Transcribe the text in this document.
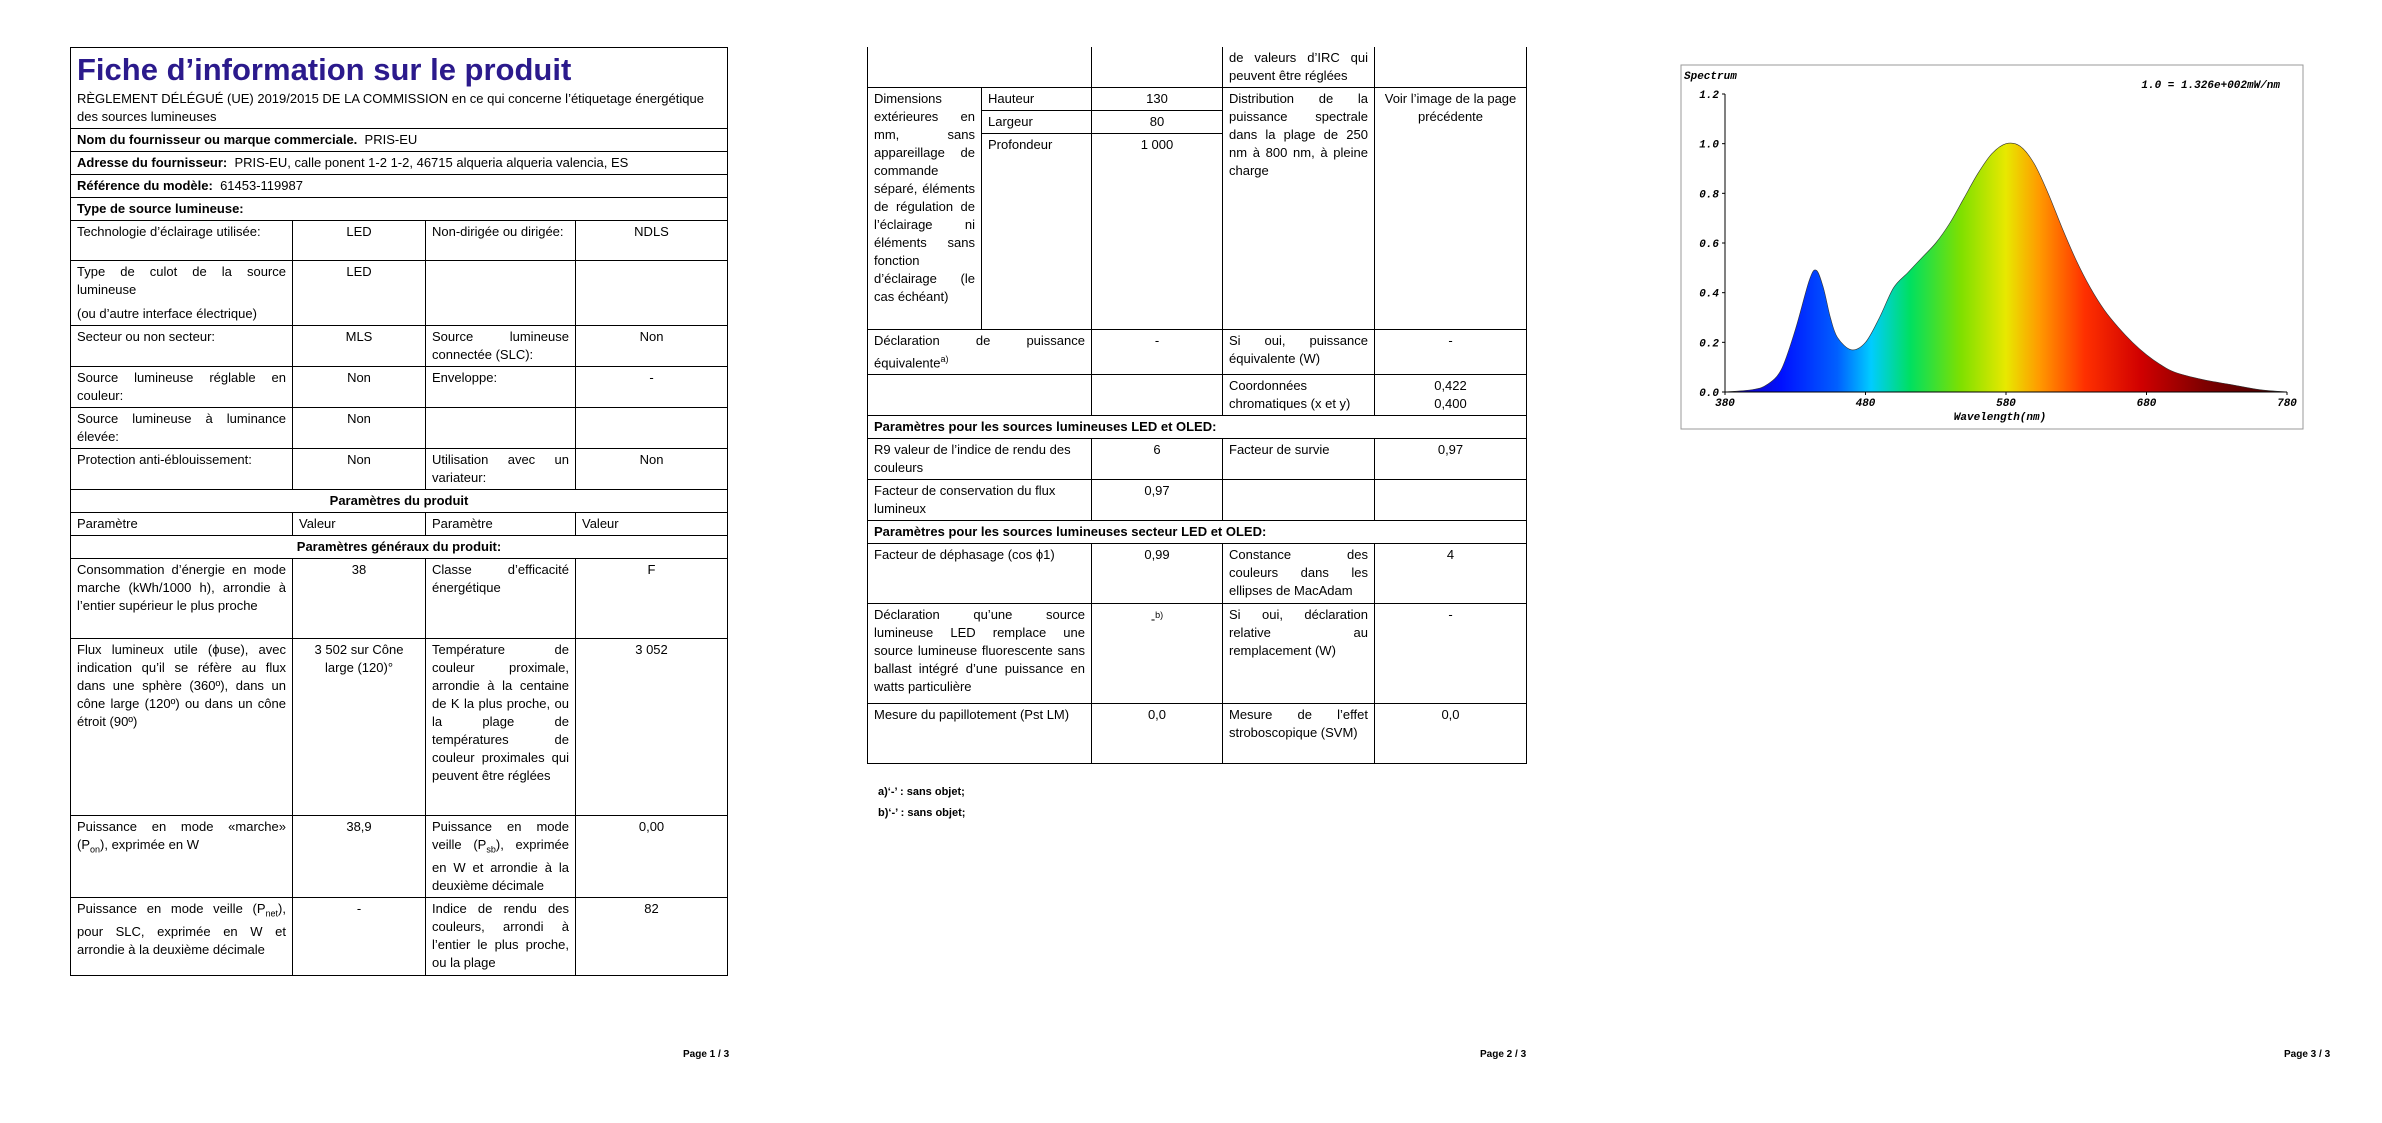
Fiche d’information sur le produit
RÈGLEMENT DÉLÉGUÉ (UE) 2019/2015 DE LA COMMISSION en ce qui concerne l’étiquetage énergétique des sources lumineuses			

Nom du fournisseur ou marque commerciale. PRIS-EU			
Adresse du fournisseur: PRIS-EU, calle ponent 1-2 1-2, 46715 alqueria alqueria valencia, ES			
Référence du modèle: 61453-119987			
Type de source lumineuse:			
Technologie d’éclairage utilisée:	LED	Non-dirigée ou dirigée:	NDLS

Type de culot de la source lumineuse
(ou d’autre interface électrique)	LED		
Secteur ou non secteur:	MLS	Source lumineuse connectée (SLC):	Non
Source lumineuse réglable en couleur:	Non	Enveloppe:	-
Source lumineuse à luminance élevée:	Non		
Protection anti-éblouissement:	Non	Utilisation avec un variateur:	Non
Paramètres du produit			
Paramètre	Valeur	Paramètre	Valeur
Paramètres généraux du produit:			
Consommation d’énergie en mode marche (kWh/1000 h), arrondie à l’entier supérieur le plus proche	38	Classe d’efficacité énergétique	F
Flux lumineux utile (ϕuse), avec indication qu’il se réfère au flux dans une sphère (360º), dans un cône large (120º) ou dans un cône étroit (90º)	3 502 sur Cône large (120)°	Température de couleur proximale, arrondie à la centaine de K la plus proche, ou la plage de températures de couleur proximales qui peuvent être réglées	3 052
Puissance en mode «marche» $(P_{on})$, exprimée en W	38,9	Puissance en mode veille $(P_{sb})$, exprimée en W et arrondie à la deuxième décimale	0,00
Puissance en mode veille $(P_{net})$, pour SLC, exprimée en W et arrondie à la deuxième décimale	-	Indice de rendu des couleurs, arrondi à l’entier le plus proche, ou la plage	82
Page 1 / 3
			de valeurs d’IRC qui peuvent être réglées	
Dimensions extérieures en mm, sans appareillage de commande séparé, éléments de régulation de l’éclairage ni éléments sans fonction d’éclairage (le cas échéant)	Hauteur	130	Distribution de la puissance spectrale dans la plage de 250 nm à 800 nm, à pleine charge	Voir l’image de la page précédente
	Largeur	80		
	Profondeur	1 000		
Déclaration de puissance équivalente$^{a)}$		-	Si oui, puissance équivalente (W)	-
			Coordonnées chromatiques (x et y)	0,422
0,400

Paramètres pour les sources lumineuses LED et OLED:				
R9 valeur de l’indice de rendu des couleurs		6	Facteur de survie	0,97
Facteur de conservation du flux lumineux		0,97		
Paramètres pour les sources lumineuses secteur LED et OLED:				
Facteur de déphasage (cos ϕ1)		0,99	Constance des couleurs dans les ellipses de MacAdam	4
Déclaration qu’une source lumineuse LED remplace une source lumineuse fluorescente sans ballast intégré d’une puissance en watts particulière		-$^{b)}$	Si oui, déclaration relative au remplacement (W)	-
Mesure du papillotement (Pst LM)		0,0	Mesure de l’effet stroboscopique (SVM)	0,0
a)‘-’ : sans objet;
b)‘-’ : sans objet;
Page 2 / 3
0.0
0.2
0.4
0.6
0.8
1.0
1.2
380	480	580	680	780
Spectrum
1.0 = 1.326e+002mW/nm
Wavelength(nm)
Page 3 / 3
